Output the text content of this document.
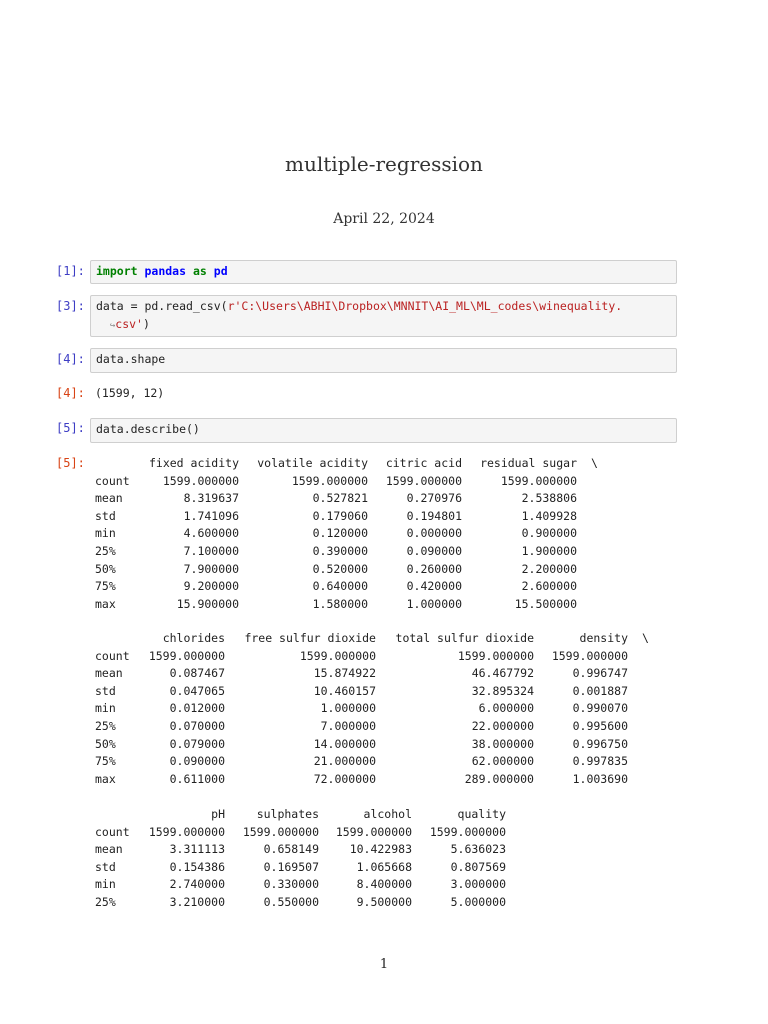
multiple-regression
April 22, 2024
[1]: import pandas as pd
[3]: data = pd.read_csv(r'C:\Users\ABHI\Dropbox\MNNIT\AI_ML\ML_codes\winequality.
↪csv')
[4]: data.shape
[4]: (1599, 12)
[5]: data.describe()
[5]:
		fixed acidity	volatile acidity	citric acid	residual sugar	\
count	1599.000000	1599.000000	1599.000000	1599.000000	
mean	8.319637	0.527821	0.270976	2.538806	
std	1.741096	0.179060	0.194801	1.409928	
min	4.600000	0.120000	0.000000	0.900000	
25%	7.100000	0.390000	0.090000	1.900000	
50%	7.900000	0.520000	0.260000	2.200000	
75%	9.200000	0.640000	0.420000	2.600000	
max	15.900000	1.580000	1.000000	15.500000	
	chlorides	free sulfur dioxide	total sulfur dioxide	density	\
count	1599.000000	1599.000000	1599.000000	1599.000000	
mean	0.087467	15.874922	46.467792	0.996747	
std	0.047065	10.460157	32.895324	0.001887	
min	0.012000	1.000000	6.000000	0.990070	
25%	0.070000	7.000000	22.000000	0.995600	
50%	0.079000	14.000000	38.000000	0.996750	
75%	0.090000	21.000000	62.000000	0.997835	
max	0.611000	72.000000	289.000000	1.003690	
	pH	sulphates	alcohol	quality
count	1599.000000	1599.000000	1599.000000	1599.000000
mean	3.311113	0.658149	10.422983	5.636023
std	0.154386	0.169507	1.065668	0.807569
min	2.740000	0.330000	8.400000	3.000000
25%	3.210000	0.550000	9.500000	5.000000
1
